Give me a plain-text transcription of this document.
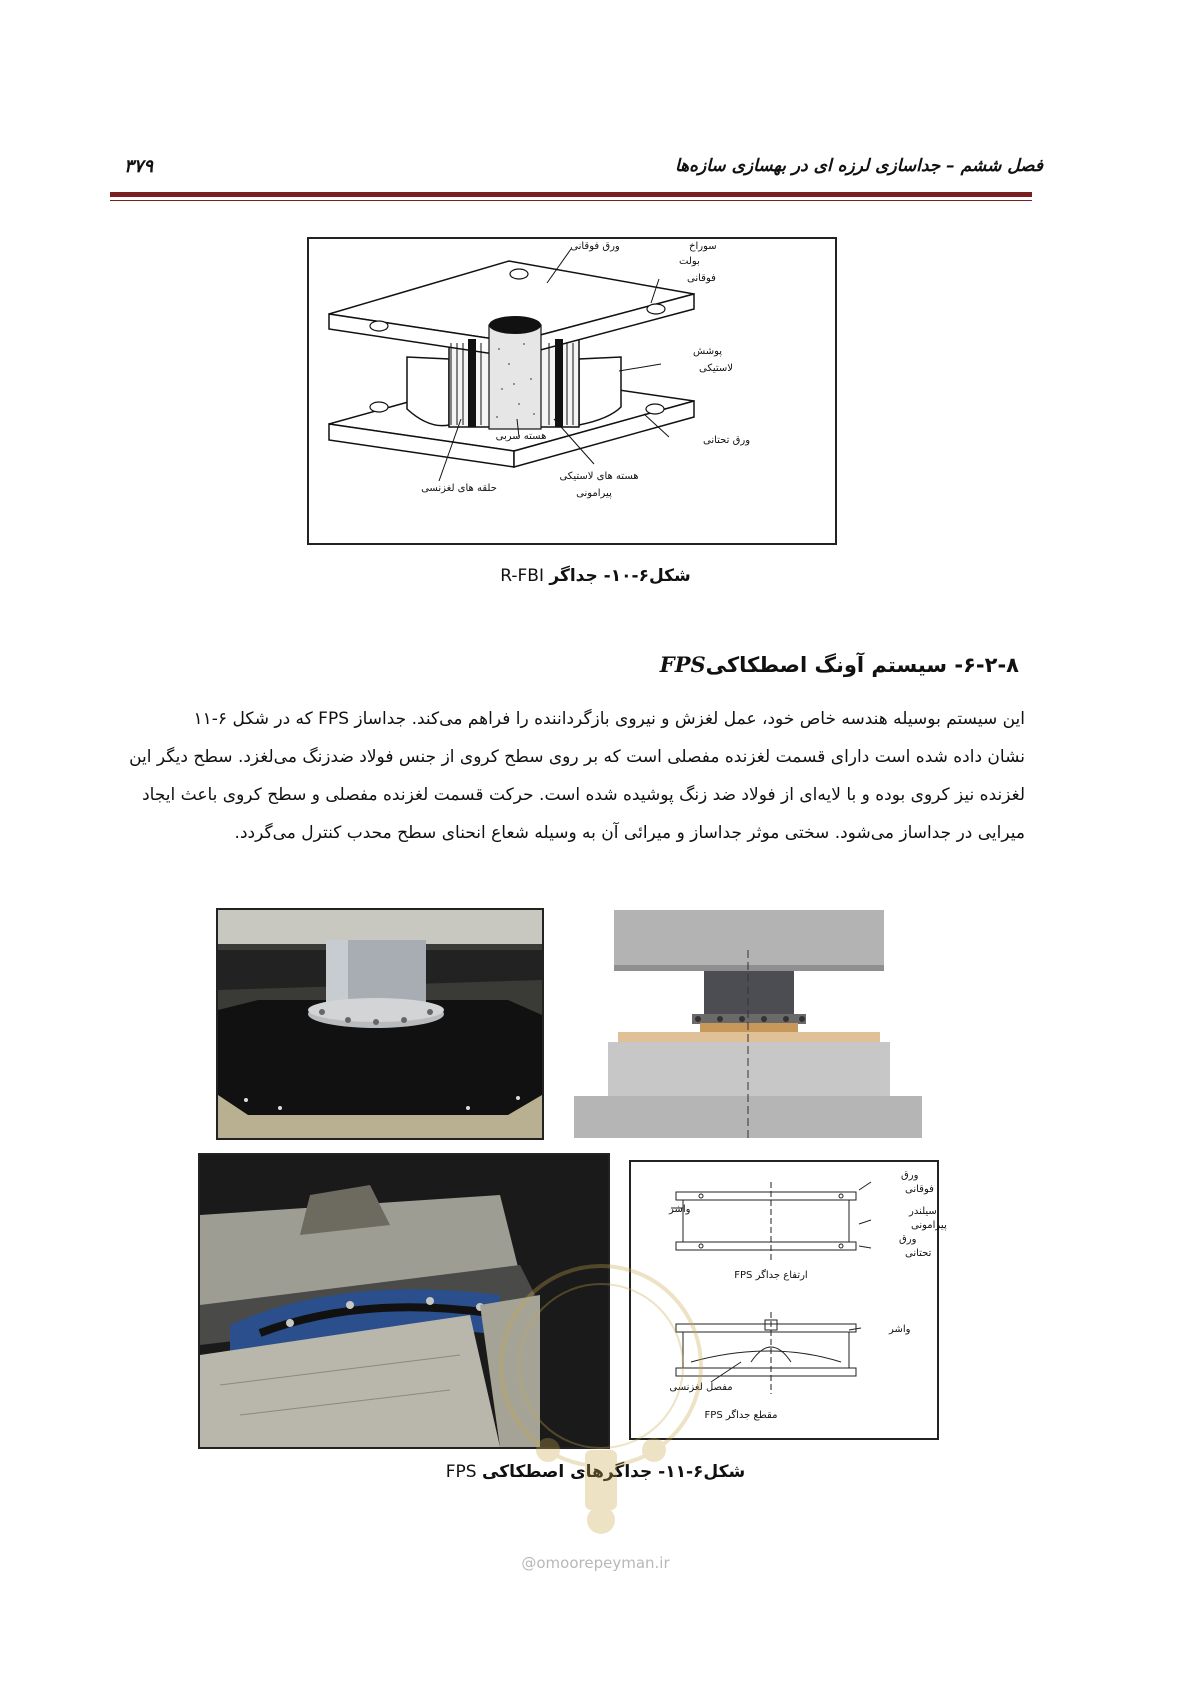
فصل ششم – جداسازی لرزه ای در بهسازی سازه‌ها
۳۷۹
ورق فوقانی	سوراخ
بولت
فوقانی
پوشش
لاستیکی
ورق تحتانی
هسته سربی
هسته های لاستیکی
پیرامونی
حلقه های لغزنسی
شکل۶-۱۰- جداگر R-FBI
۶-۲-۸- سیستم آونگ اصطکاکیFPS
این سیستم بوسیله هندسه خاص خود، عمل لغزش و نیروی بازگرداننده را فراهم می‌کند. جداساز FPS که در شکل ۶-۱۱
نشان داده شده است دارای قسمت لغزنده مفصلی است که بر روی سطح کروی از جنس فولاد ضدزنگ می‌لغزد. سطح دیگر این
لغزنده نیز کروی بوده و با لایه‌ای از فولاد ضد زنگ پوشیده شده است. حرکت قسمت لغزنده مفصلی و سطح کروی باعث ایجاد
میرایی در جداساز می‌شود. سختی موثر جداساز و میرائی آن به وسیله شعاع انحنای سطح محدب کنترل می‌گردد.
ورق
فوقانی
واشر	سیلندر
پیرامونی
ورق
تحتانی
ارتفاع جداگر FPS
واشر
مفصل لغزنسی
مقطع جداگر FPS
شکل۶-۱۱- جداگرهای اصطکاکی FPS
@omoorepeyman.ir
